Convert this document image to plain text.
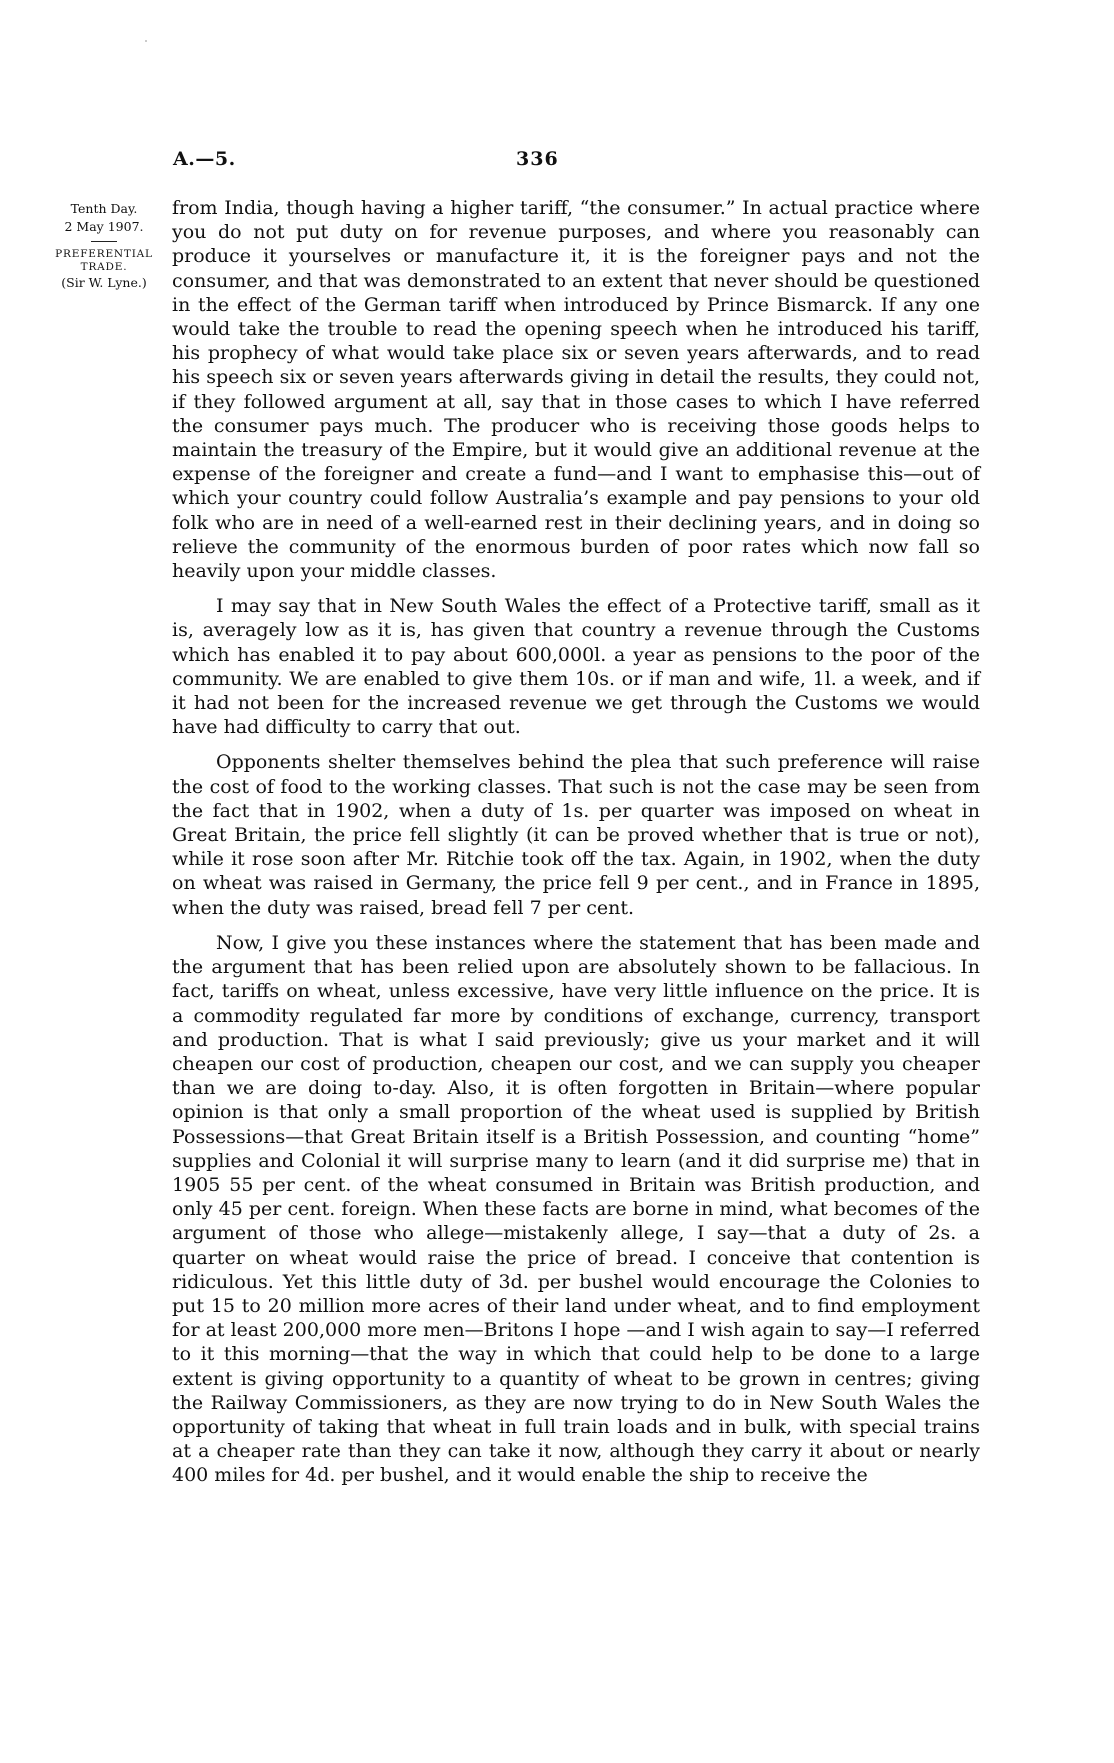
A.—5.	336
Tenth Day.
2 May 1907.
PREFERENTIAL
TRADE.
(Sir W. Lyne.)

from India, though having a higher tariff, “the consumer.” In actual practice where you do not put duty on for revenue purposes, and where you reasonably can produce it yourselves or manufacture it, it is the foreigner pays and not the consumer, and that was demonstrated to an extent that never should be questioned in the effect of the German tariff when introduced by Prince Bismarck. If any one would take the trouble to read the opening speech when he introduced his tariff, his prophecy of what would take place six or seven years afterwards, and to read his speech six or seven years afterwards giving in detail the results, they could not, if they followed argument at all, say that in those cases to which I have referred the consumer pays much. The producer who is receiving those goods helps to maintain the treasury of the Empire, but it would give an additional revenue at the expense of the foreigner and create a fund—and I want to emphasise this—out of which your country could follow Australia’s example and pay pensions to your old folk who are in need of a well-earned rest in their declining years, and in doing so relieve the community of the enormous burden of poor rates which now fall so heavily upon your middle classes.

I may say that in New South Wales the effect of a Protective tariff, small as it is, averagely low as it is, has given that country a revenue through the Customs which has enabled it to pay about 600,000l. a year as pensions to the poor of the community. We are enabled to give them 10s. or if man and wife, 1l. a week, and if it had not been for the increased revenue we get through the Customs we would have had difficulty to carry that out.

Opponents shelter themselves behind the plea that such preference will raise the cost of food to the working classes. That such is not the case may be seen from the fact that in 1902, when a duty of 1s. per quarter was imposed on wheat in Great Britain, the price fell slightly (it can be proved whether that is true or not), while it rose soon after Mr. Ritchie took off the tax. Again, in 1902, when the duty on wheat was raised in Germany, the price fell 9 per cent., and in France in 1895, when the duty was raised, bread fell 7 per cent.

Now, I give you these instances where the statement that has been made and the argument that has been relied upon are absolutely shown to be fallacious. In fact, tariffs on wheat, unless excessive, have very little influence on the price. It is a commodity regulated far more by conditions of exchange, currency, transport and production. That is what I said previously; give us your market and it will cheapen our cost of production, cheapen our cost, and we can supply you cheaper than we are doing to-day. Also, it is often forgotten in Britain—where popular opinion is that only a small proportion of the wheat used is supplied by British Possessions—that Great Britain itself is a British Possession, and counting “home” supplies and Colonial it will surprise many to learn (and it did surprise me) that in 1905 55 per cent. of the wheat consumed in Britain was British production, and only 45 per cent. foreign. When these facts are borne in mind, what becomes of the argument of those who allege—mistakenly allege, I say—that a duty of 2s. a quarter on wheat would raise the price of bread. I conceive that contention is ridiculous. Yet this little duty of 3d. per bushel would encourage the Colonies to put 15 to 20 million more acres of their land under wheat, and to find employment for at least 200,000 more men—Britons I hope —and I wish again to say—I referred to it this morning—that the way in which that could help to be done to a large extent is giving opportunity to a quantity of wheat to be grown in centres; giving the Railway Commissioners, as they are now trying to do in New South Wales the opportunity of taking that wheat in full train loads and in bulk, with special trains at a cheaper rate than they can take it now, although they carry it about or nearly 400 miles for 4d. per bushel, and it would enable the ship to receive the
